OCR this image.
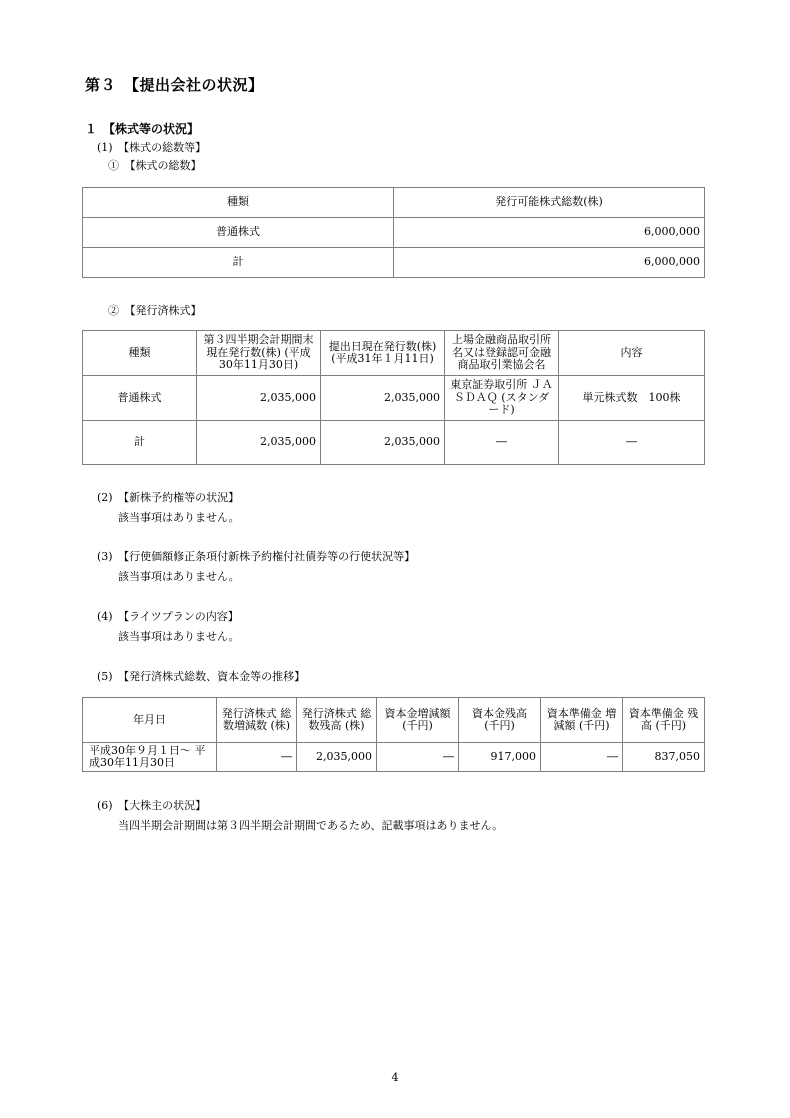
第３　【提出会社の状況】
１　【株式等の状況】
(1)　【株式の総数等】
①　【株式の総数】
種類	発行可能株式総数(株)
普通株式	6,000,000
計	6,000,000
②　【発行済株式】
種類	第３四半期会計期間末 現在発行数(株) (平成30年11月30日)	提出日現在発行数(株) (平成31年１月11日)	上場金融商品取引所 名又は登録認可金融 商品取引業協会名	内容
普通株式	2,035,000	2,035,000	東京証券取引所 ＪＡＳＤＡＱ (スタンダード)	単元株式数　100株
計	2,035,000	2,035,000	―	―
(2)　【新株予約権等の状況】
該当事項はありません。
(3)　【行使価額修正条項付新株予約権付社債券等の行使状況等】
該当事項はありません。
(4)　【ライツプランの内容】
該当事項はありません。
(5)　【発行済株式総数、資本金等の推移】
年月日	発行済株式 総数増減数 (株)	発行済株式 総数残高 (株)	資本金増減額 (千円)	資本金残高 (千円)	資本準備金 増減額 (千円)	資本準備金 残高 (千円)
平成30年９月１日～ 平成30年11月30日	―	2,035,000	―	917,000	―	837,050
(6)　【大株主の状況】
当四半期会計期間は第３四半期会計期間であるため、記載事項はありません。
4
